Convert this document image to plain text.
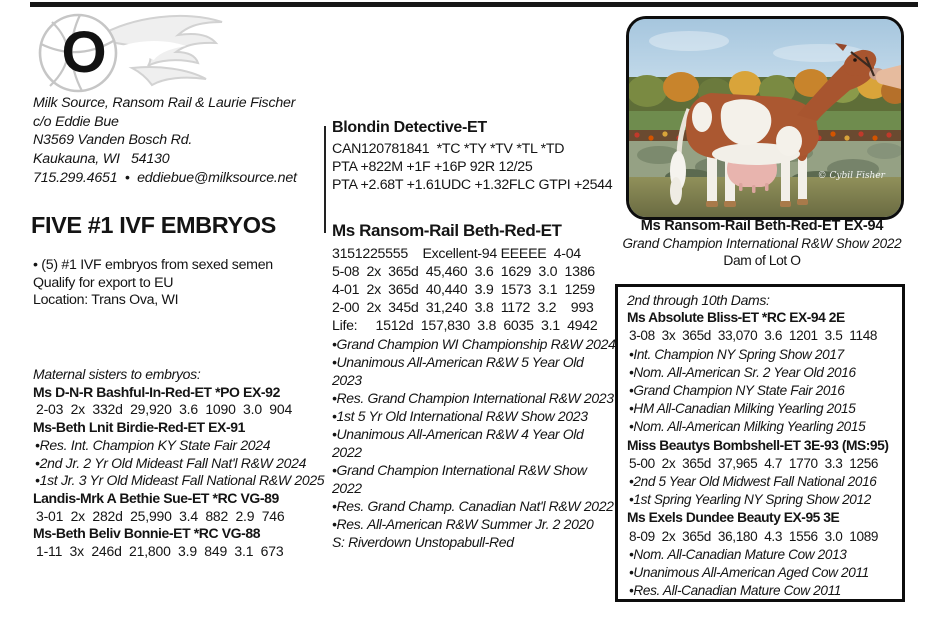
O
Milk Source, Ransom Rail & Laurie Fischer
c/o Eddie Bue
N3569 Vanden Bosch Rd.
Kaukauna, WI   54130
715.299.4651  •  eddiebue@milksource.net
FIVE #1 IVF EMBRYOS
• (5) #1 IVF embryos from sexed semen
Qualify for export to EU
Location: Trans Ova, WI
Maternal sisters to embryos:
Ms D-N-R Bashful-In-Red-ET *PO EX-92
2-03  2x  332d  29,920  3.6  1090  3.0  904
Ms-Beth Lnit Birdie-Red-ET EX-91
•Res. Int. Champion KY State Fair 2024
•2nd Jr. 2 Yr Old Mideast Fall Nat'l R&W 2024
•1st Jr. 3 Yr Old Mideast Fall National R&W 2025
Landis-Mrk A Bethie Sue-ET *RC VG-89
3-01  2x  282d  25,990  3.4  882  2.9  746
Ms-Beth Beliv Bonnie-ET *RC VG-88
1-11  3x  246d  21,800  3.9  849  3.1  673
Blondin Detective-ET
CAN120781841  *TC *TY *TV *TL *TD
PTA +822M +1F +16P 92R 12/25
PTA +2.68T +1.61UDC +1.32FLC GTPI +2544
Ms Ransom-Rail Beth-Red-ET
3151225555    Excellent-94 EEEEE  4-04
5-08  2x  365d  45,460  3.6  1629  3.0  1386
4-01  2x  365d  40,440  3.9  1573  3.1  1259
2-00  2x  345d  31,240  3.8  1172  3.2    993
Life:     1512d  157,830  3.8  6035  3.1  4942
•Grand Champion WI Championship R&W 2024
•Unanimous All-American R&W 5 Year Old 2023
•Res. Grand Champion International R&W 2023
•1st 5 Yr Old International R&W Show 2023
•Unanimous All-American R&W 4 Year Old 2022
•Grand Champion International R&W Show 2022
•Res. Grand Champ. Canadian Nat'l R&W 2022
•Res. All-American R&W Summer Jr. 2 2020
S: Riverdown Unstopabull-Red
© Cybil Fisher
Ms Ransom-Rail Beth-Red-ET EX-94
Grand Champion International R&W Show 2022
Dam of Lot O
2nd through 10th Dams:
Ms Absolute Bliss-ET *RC EX-94 2E
3-08  3x  365d  33,070  3.6  1201  3.5  1148
•Int. Champion NY Spring Show 2017
•Nom. All-American Sr. 2 Year Old 2016
•Grand Champion NY State Fair 2016
•HM All-Canadian Milking Yearling 2015
•Nom. All-American Milking Yearling 2015
Miss Beautys Bombshell-ET 3E-93 (MS:95)
5-00  2x  365d  37,965  4.7  1770  3.3  1256
•2nd 5 Year Old Midwest Fall National 2016
•1st Spring Yearling NY Spring Show 2012
Ms Exels Dundee Beauty EX-95 3E
8-09  2x  365d  36,180  4.3  1556  3.0  1089
•Nom. All-Canadian Mature Cow 2013
•Unanimous All-American Aged Cow 2011
•Res. All-Canadian Mature Cow 2011
